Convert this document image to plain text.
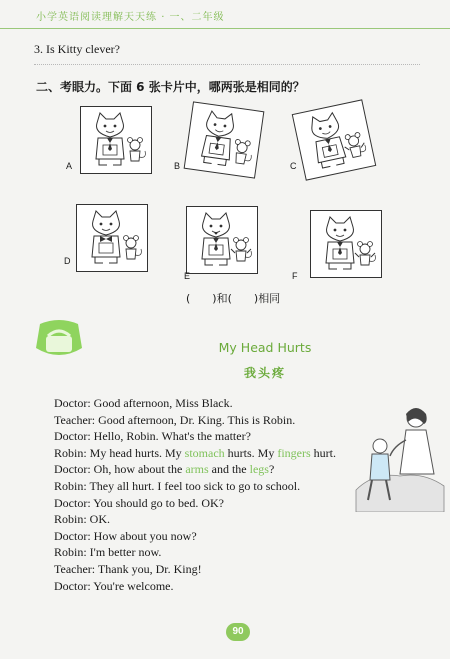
小学英语阅读理解天天练 · 一、二年级
3. Is Kitty clever?
二、考眼力。下面 6 张卡片中，哪两张是相同的？
A	B	C
D
E	F
(　　)和(　　)相同
My Head Hurts
我头疼
Doctor: Good afternoon, Miss Black.
Teacher: Good afternoon, Dr. King. This is Robin.
Doctor: Hello, Robin. What's the matter?
Robin: My head hurts. My stomach hurts. My fingers hurt.
Doctor: Oh, how about the arms and the legs?
Robin: They all hurt. I feel too sick to go to school.
Doctor: You should go to bed. OK?
Robin: OK.
Doctor: How about you now?
Robin: I'm better now.
Teacher: Thank you, Dr. King!
Doctor: You're welcome.
90
